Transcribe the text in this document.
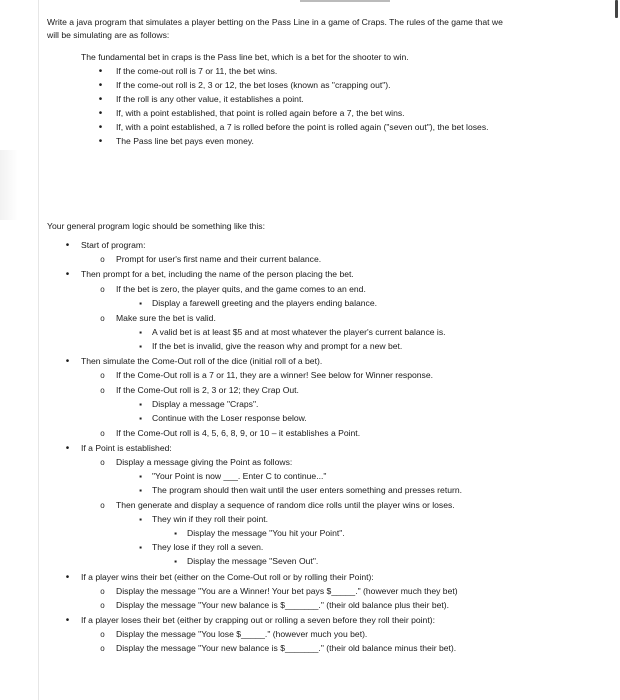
Write a java program that simulates a player betting on the Pass Line in a game of Craps. The rules of the game that we
will be simulating are as follows:
The fundamental bet in craps is the Pass line bet, which is a bet for the shooter to win.
•
If the come-out roll is 7 or 11, the bet wins.
•
If the come-out roll is 2, 3 or 12, the bet loses (known as "crapping out").
•
If the roll is any other value, it establishes a point.
•
If, with a point established, that point is rolled again before a 7, the bet wins.
•
If, with a point established, a 7 is rolled before the point is rolled again ("seven out"), the bet loses.
•
The Pass line bet pays even money.
Your general program logic should be something like this:
•
Start of program:
o
Prompt for user's first name and their current balance.
•
Then prompt for a bet, including the name of the person placing the bet.
o
If the bet is zero, the player quits, and the game comes to an end.
▪
Display a farewell greeting and the players ending balance.
o
Make sure the bet is valid.
▪
A valid bet is at least $5 and at most whatever the player's current balance is.
▪
If the bet is invalid, give the reason why and prompt for a new bet.
•
Then simulate the Come-Out roll of the dice (initial roll of a bet).
o
If the Come-Out roll is a 7 or 11, they are a winner! See below for Winner response.
o
If the Come-Out roll is 2, 3 or 12; they Crap Out.
▪
Display a message "Craps".
▪
Continue with the Loser response below.
o
If the Come-Out roll is 4, 5, 6, 8, 9, or 10 – it establishes a Point.
•
If a Point is established:
o
Display a message giving the Point as follows:
▪
"Your Point is now ___. Enter C to continue..."
▪
The program should then wait until the user enters something and presses return.
o
Then generate and display a sequence of random dice rolls until the player wins or loses.
▪
They win if they roll their point.
▪
Display the message "You hit your Point".
▪
They lose if they roll a seven.
▪
Display the message "Seven Out".
•
If a player wins their bet (either on the Come-Out roll or by rolling their Point):
o
Display the message "You are a Winner! Your bet pays $_____." (however much they bet)
o
Display the message "Your new balance is $_______." (their old balance plus their bet).
•
If a player loses their bet (either by crapping out or rolling a seven before they roll their point):
o
Display the message "You lose $_____." (however much you bet).
o
Display the message "Your new balance is $_______." (their old balance minus their bet).
